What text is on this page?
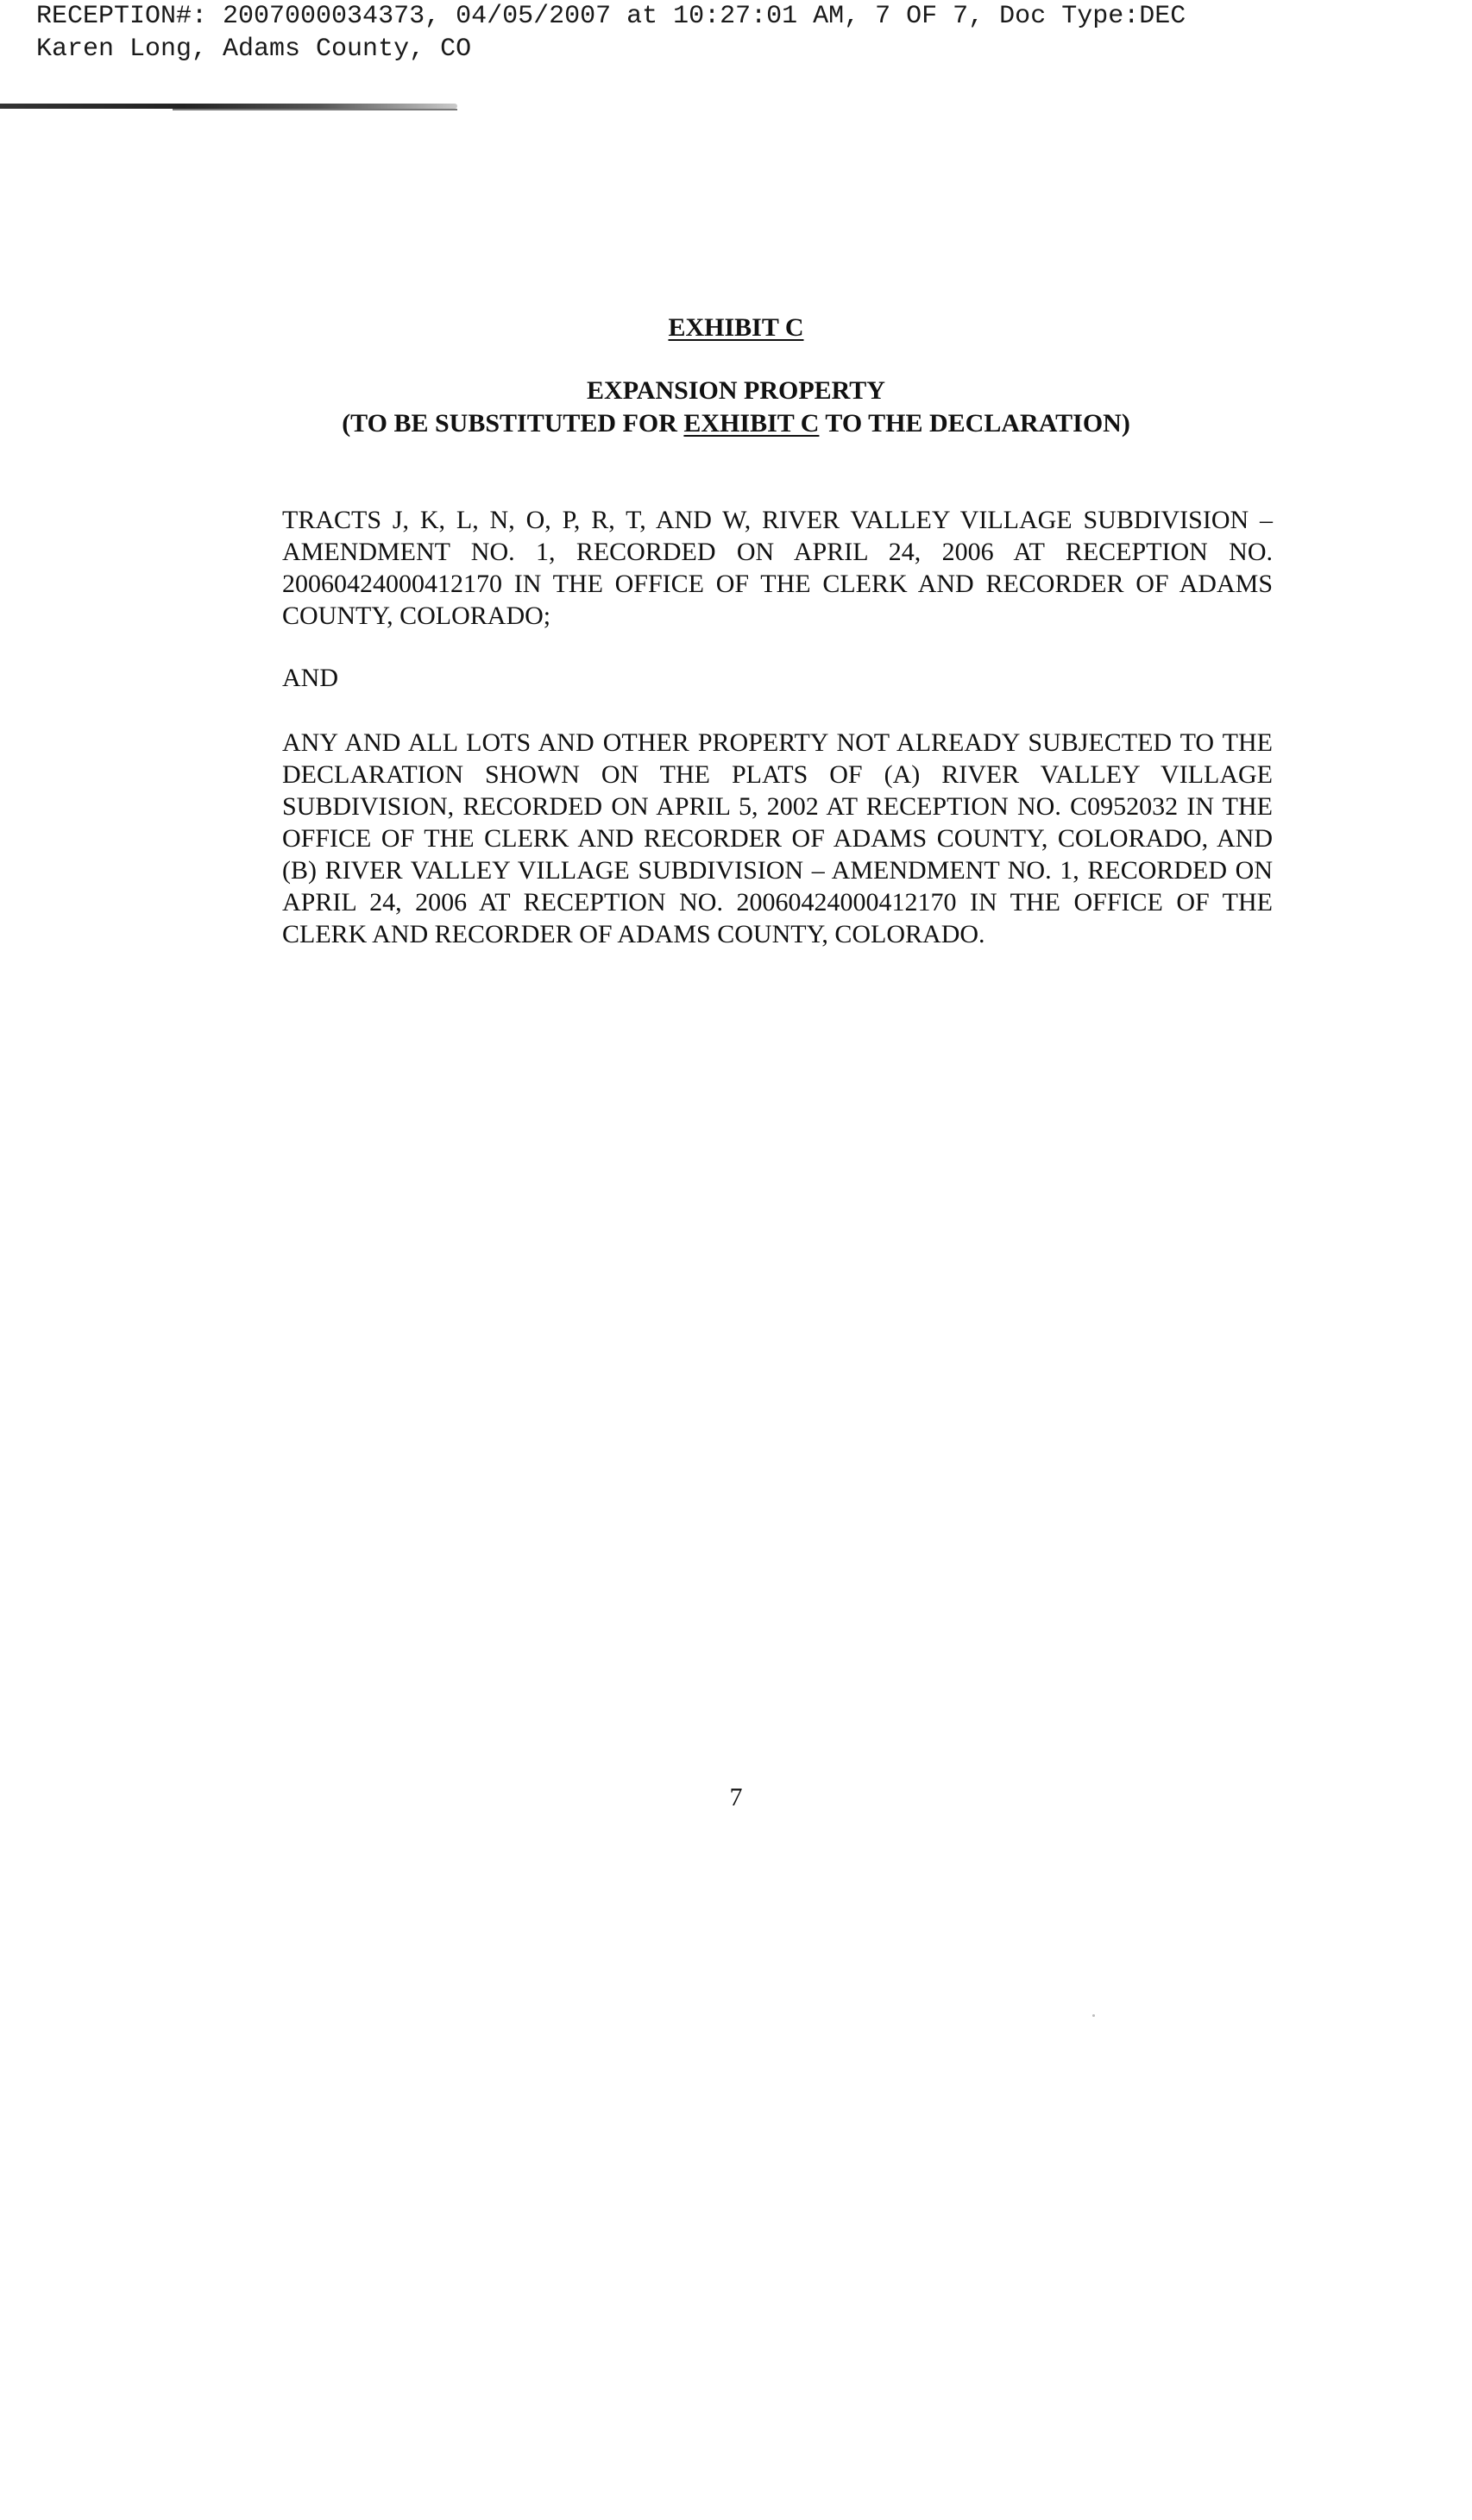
RECEPTION#: 2007000034373, 04/05/2007 at 10:27:01 AM, 7 OF 7, Doc Type:DEC
Karen Long, Adams County, CO
EXHIBIT C
EXPANSION PROPERTY
(TO BE SUBSTITUTED FOR EXHIBIT C TO THE DECLARATION)
TRACTS J, K, L, N, O, P, R, T, AND W, RIVER VALLEY VILLAGE SUBDIVISION – AMENDMENT NO. 1, RECORDED ON APRIL 24, 2006 AT RECEPTION NO. 20060424000412170 IN THE OFFICE OF THE CLERK AND RECORDER OF ADAMS COUNTY, COLORADO;
AND
ANY AND ALL LOTS AND OTHER PROPERTY NOT ALREADY SUBJECTED TO THE DECLARATION SHOWN ON THE PLATS OF (A) RIVER VALLEY VILLAGE SUBDIVISION, RECORDED ON APRIL 5, 2002 AT RECEPTION NO. C0952032 IN THE OFFICE OF THE CLERK AND RECORDER OF ADAMS COUNTY, COLORADO, AND (B) RIVER VALLEY VILLAGE SUBDIVISION – AMENDMENT NO. 1, RECORDED ON APRIL 24, 2006 AT RECEPTION NO. 20060424000412170 IN THE OFFICE OF THE CLERK AND RECORDER OF ADAMS COUNTY, COLORADO.
7
